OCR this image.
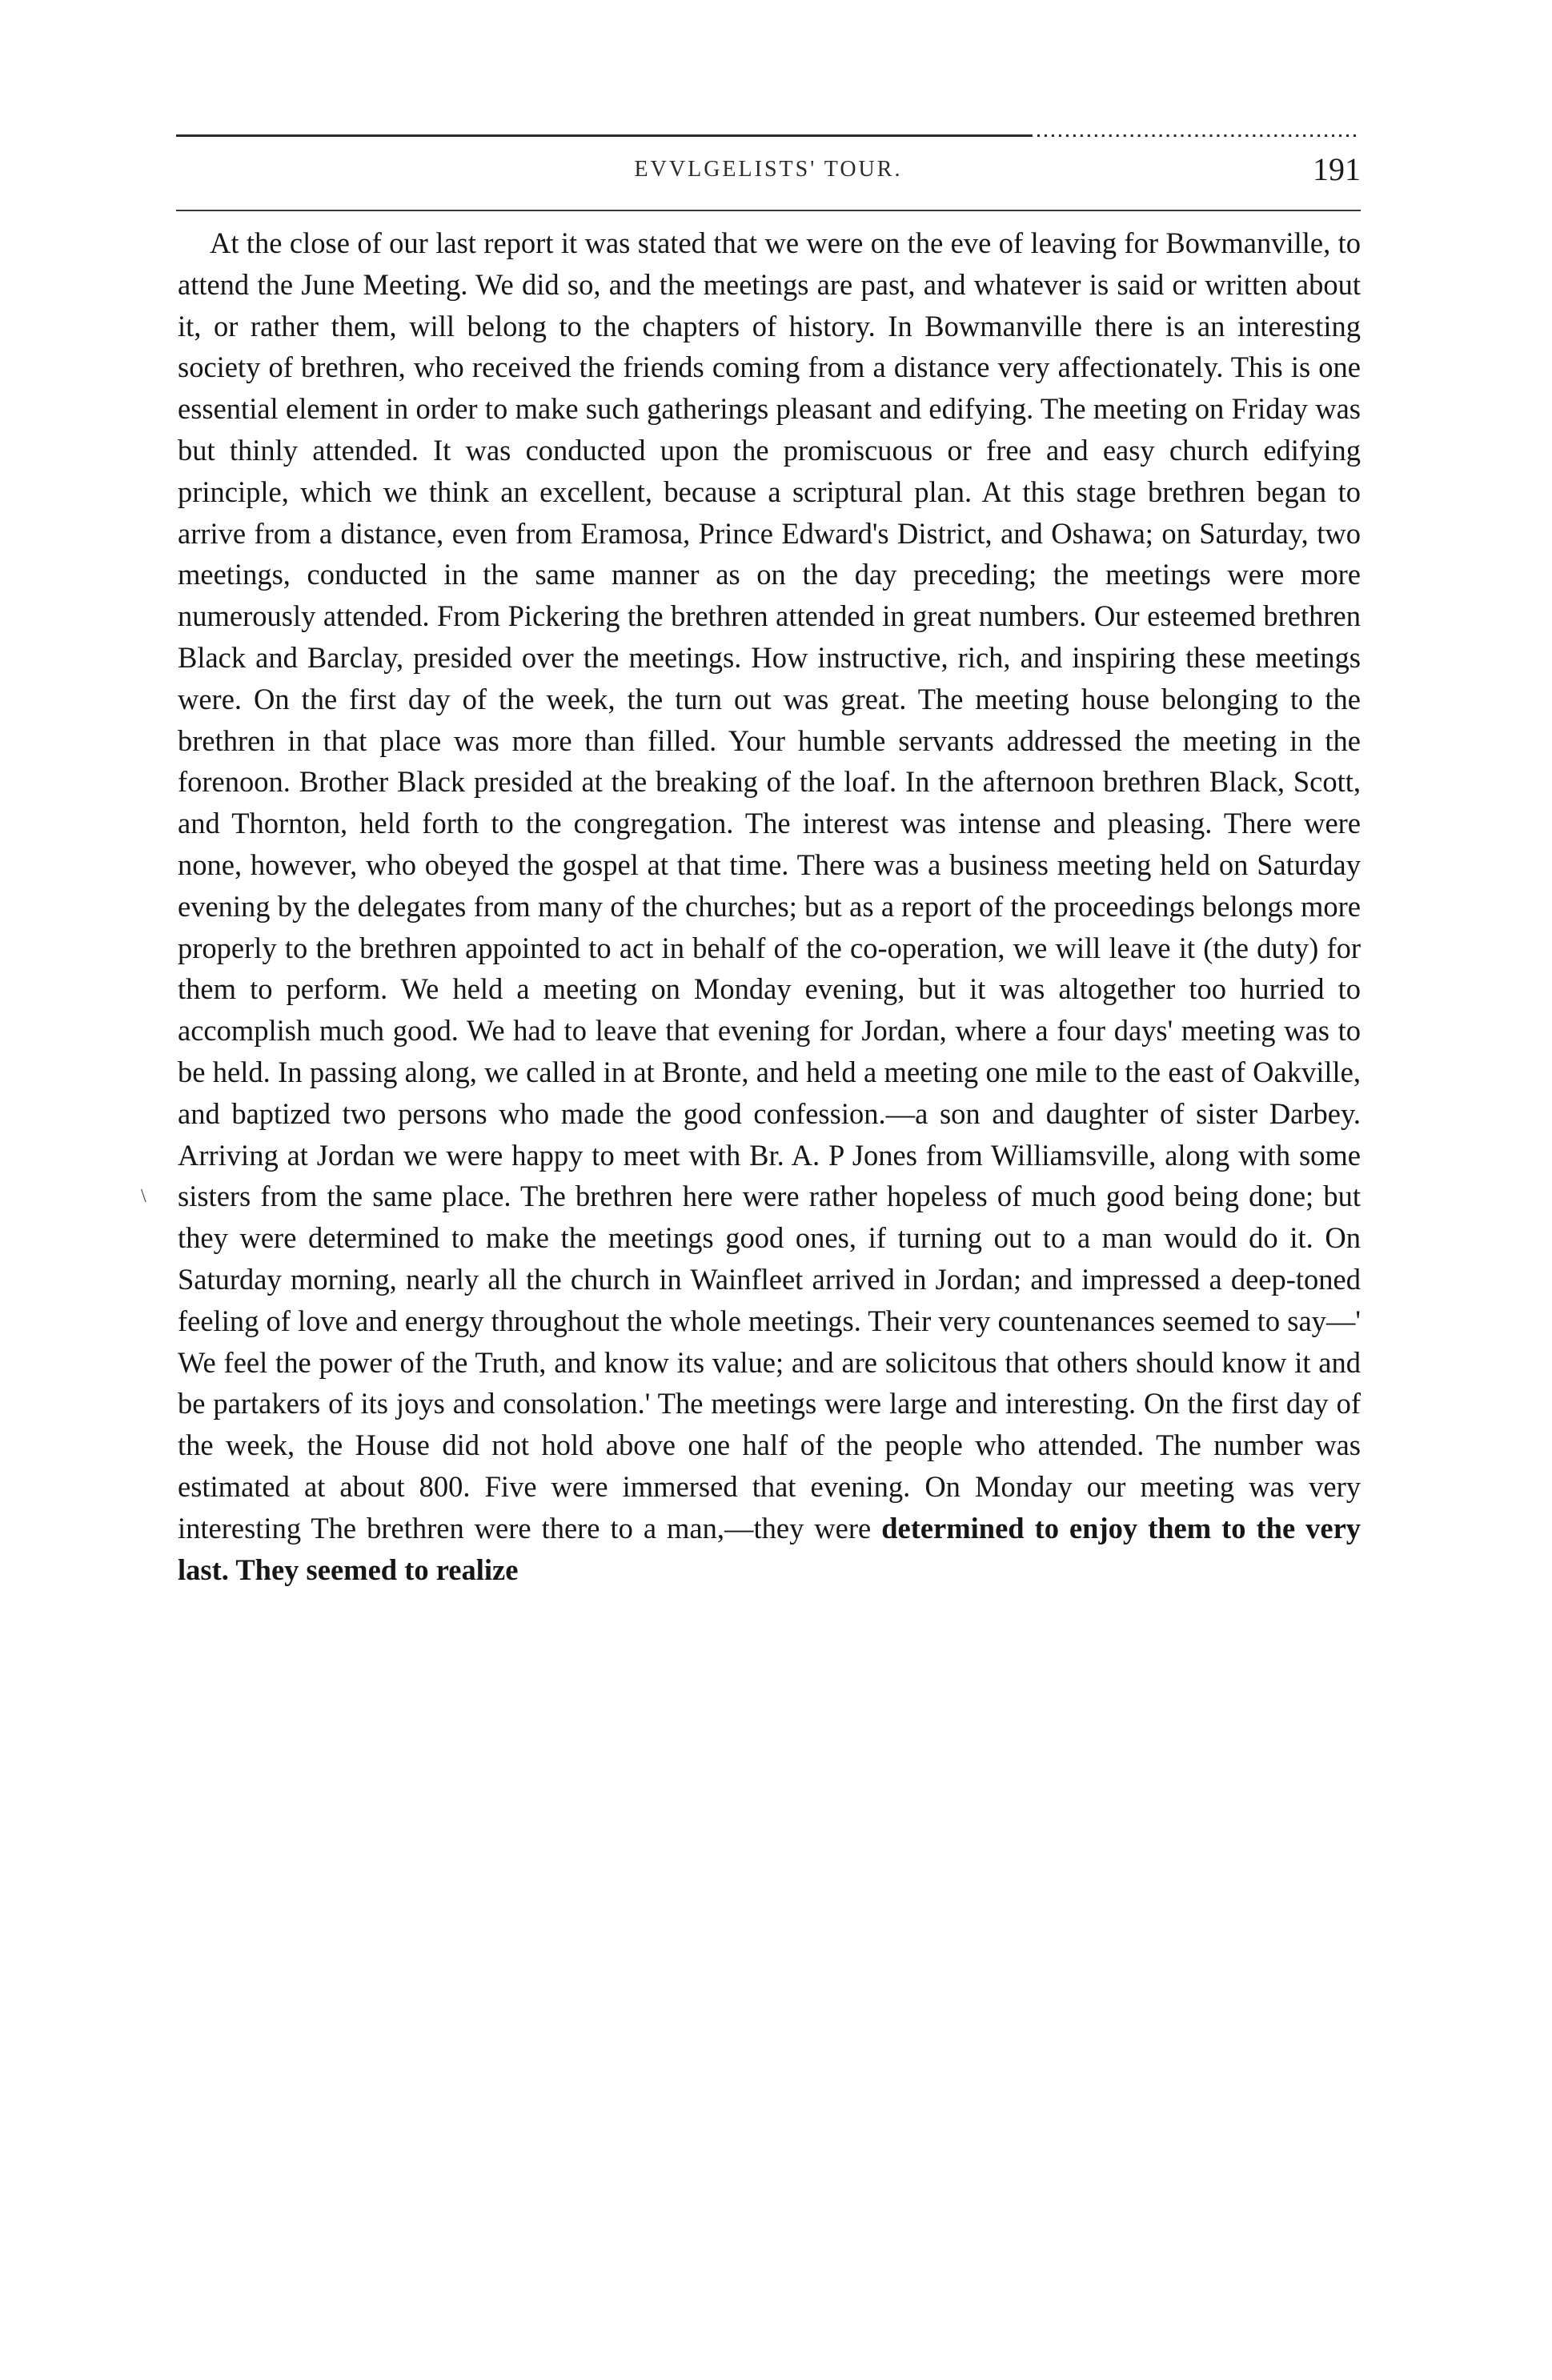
EVVLGELISTS' TOUR.	191
\

At the close of our last report it was stated that we were on the eve of leaving for Bowmanville, to attend the June Meeting. We did so, and the meetings are past, and whatever is said or written about it, or rather them, will belong to the chapters of history. In Bowmanville there is an interesting society of brethren, who received the friends coming from a distance very affectionately. This is one essential element in order to make such gatherings pleasant and edifying. The meeting on Friday was but thinly attended. It was conducted upon the promiscuous or free and easy church edifying principle, which we think an excellent, because a scriptural plan. At this stage brethren began to arrive from a distance, even from Eramosa, Prince Edward's District, and Oshawa; on Saturday, two meetings, conducted in the same manner as on the day preceding; the meetings were more numerously attended. From Pickering the brethren attended in great numbers. Our esteemed brethren Black and Barclay, presided over the meetings. How instructive, rich, and inspiring these meetings were. On the first day of the week, the turn out was great. The meeting house belonging to the brethren in that place was more than filled. Your humble servants addressed the meeting in the forenoon. Brother Black presided at the breaking of the loaf. In the afternoon brethren Black, Scott, and Thornton, held forth to the congregation. The interest was intense and pleasing. There were none, however, who obeyed the gospel at that time. There was a business meeting held on Saturday evening by the delegates from many of the churches; but as a report of the proceedings belongs more properly to the brethren appointed to act in behalf of the co-operation, we will leave it (the duty) for them to perform. We held a meeting on Monday evening, but it was altogether too hurried to accomplish much good. We had to leave that evening for Jordan, where a four days' meeting was to be held. In passing along, we called in at Bronte, and held a meeting one mile to the east of Oakville, and baptized two persons who made the good confession.—a son and daughter of sister Darbey. Arriving at Jordan we were happy to meet with Br. A. P Jones from Williamsville, along with some sisters from the same place. The brethren here were rather hopeless of much good being done; but they were determined to make the meetings good ones, if turning out to a man would do it. On Saturday morning, nearly all the church in Wainfleet arrived in Jordan; and impressed a deep-toned feeling of love and energy throughout the whole meetings. Their very countenances seemed to say—' We feel the power of the Truth, and know its value; and are solicitous that others should know it and be partakers of its joys and consolation.' The meetings were large and interesting. On the first day of the week, the House did not hold above one half of the people who attended. The number was estimated at about 800. Five were immersed that evening. On Monday our meeting was very interesting The brethren were there to a man,—they were determined to enjoy them to the very last. They seemed to realize
